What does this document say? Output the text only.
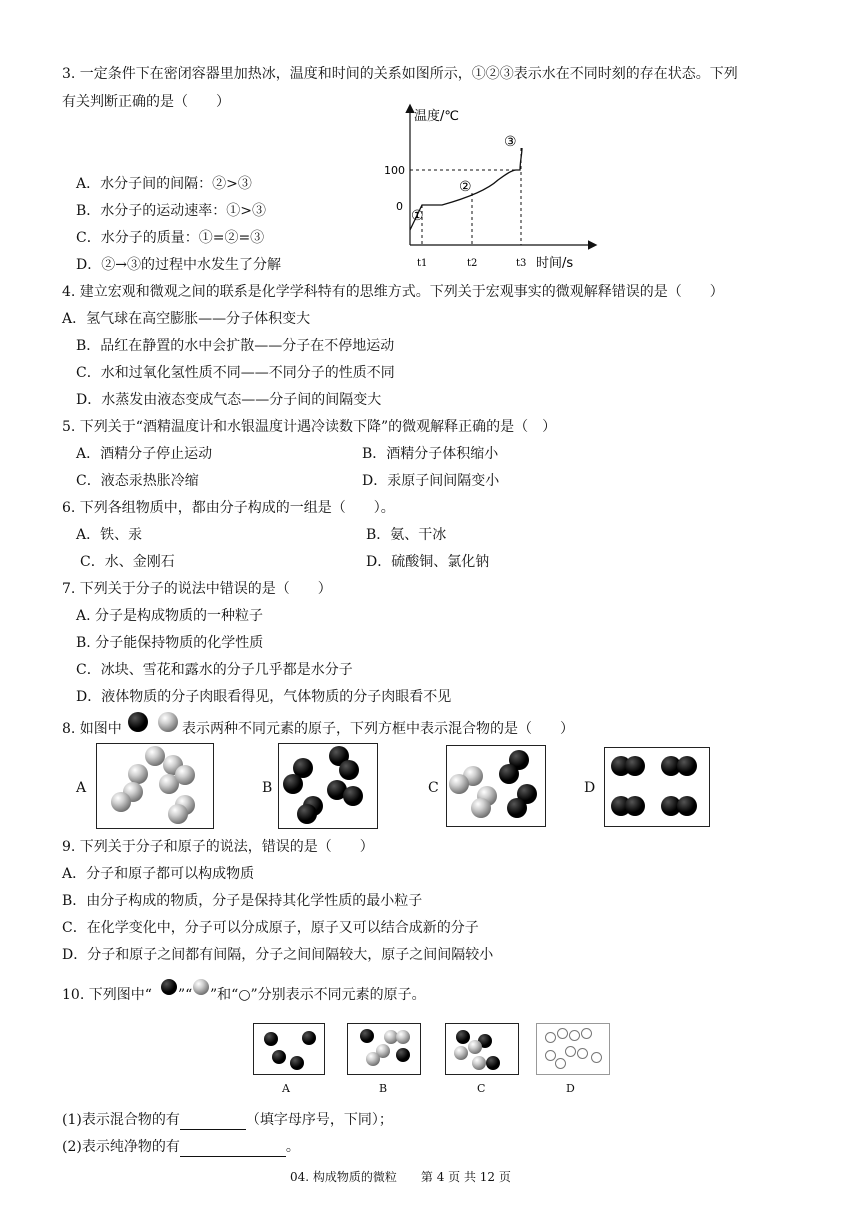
3. 一定条件下在密闭容器里加热冰，温度和时间的关系如图所示，①②③表示水在不同时刻的存在状态。下列
有关判断正确的是（　　）
A．水分子间的间隔：②>③
B．水分子的运动速率：①>③
C．水分子的质量：①=②=③
D．②→③的过程中水发生了分解
温度/℃
100
0
t1	t2	t3 时间/s
①
②
③
4. 建立宏观和微观之间的联系是化学学科特有的思维方式。下列关于宏观事实的微观解释错误的是（　　）
A．氢气球在高空膨胀——分子体积变大
B．品红在静置的水中会扩散——分子在不停地运动
C．水和过氧化氢性质不同——不同分子的性质不同
D．水蒸发由液态变成气态——分子间的间隔变大
5. 下列关于“酒精温度计和水银温度计遇冷读数下降”的微观解释正确的是（　）
A．酒精分子停止运动	B．酒精分子体积缩小
C．液态汞热胀冷缩	D．汞原子间间隔变小
6. 下列各组物质中，都由分子构成的一组是（　　）。
A．铁、汞	B．氨、干冰
C．水、金刚石	D．硫酸铜、氯化钠
7. 下列关于分子的说法中错误的是（　　）
A. 分子是构成物质的一种粒子
B. 分子能保持物质的化学性质
C．冰块、雪花和露水的分子几乎都是水分子
D．液体物质的分子肉眼看得见，气体物质的分子肉眼看不见
8. 如图中	表示两种不同元素的原子，下列方框中表示混合物的是（　　）
A	B	C	D
9. 下列关于分子和原子的说法，错误的是（　　）
A．分子和原子都可以构成物质
B．由分子构成的物质，分子是保持其化学性质的最小粒子
C．在化学变化中，分子可以分成原子，原子又可以结合成新的分子
D．分子和原子之间都有间隔，分子之间间隔较大，原子之间间隔较小
10. 下列图中“ ”“ ”和“○”分别表示不同元素的原子。
A	B	C	D
(1)表示混合物的有	（填字母序号，下同）；
(2)表示纯净物的有	。
04. 构成物质的微粒　　第 4 页 共 12 页
